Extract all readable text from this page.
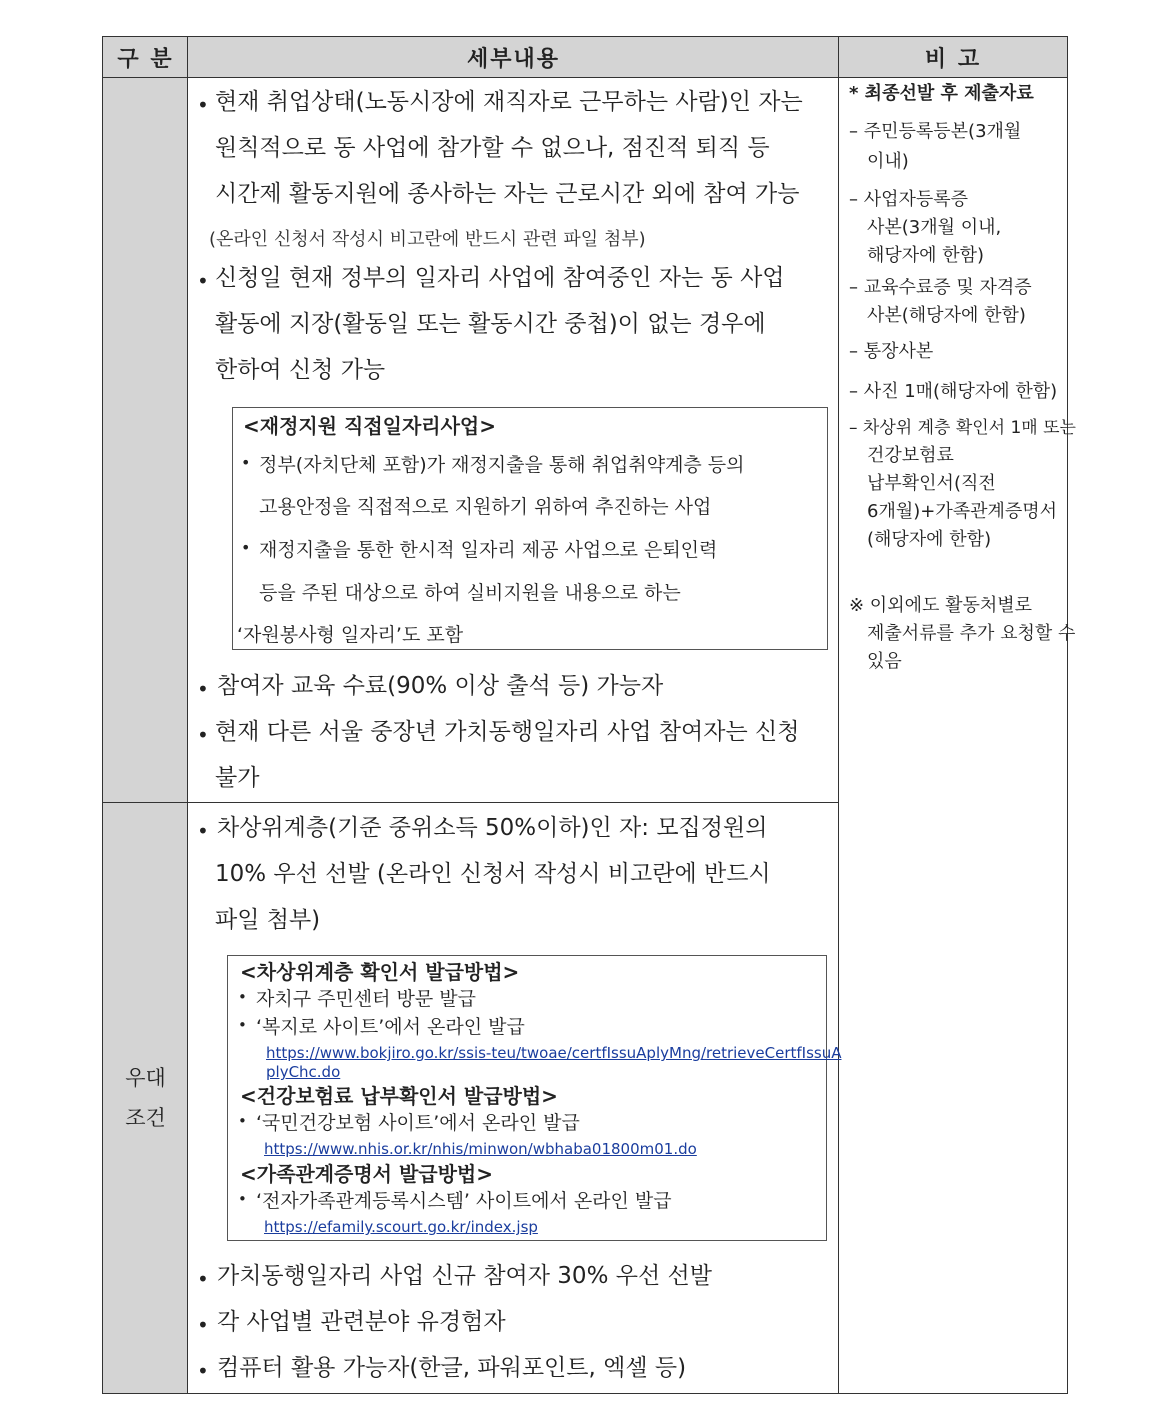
구 분	세부내용	비 고
우대
조건
• 현재 취업상태(노동시장에 재직자로 근무하는 사람)인 자는
원칙적으로 동 사업에 참가할 수 없으나, 점진적 퇴직 등
시간제 활동지원에 종사하는 자는 근로시간 외에 참여 가능
(온라인 신청서 작성시 비고란에 반드시 관련 파일 첨부)
• 신청일 현재 정부의 일자리 사업에 참여중인 자는 동 사업
활동에 지장(활동일 또는 활동시간 중첩)이 없는 경우에
한하여 신청 가능
<재정지원 직접일자리사업>
• 정부(자치단체 포함)가 재정지출을 통해 취업취약계층 등의
고용안정을 직접적으로 지원하기 위하여 추진하는 사업
• 재정지출을 통한 한시적 일자리 제공 사업으로 은퇴인력
등을 주된 대상으로 하여 실비지원을 내용으로 하는
‘자원봉사형 일자리’도 포함
• 참여자 교육 수료(90% 이상 출석 등) 가능자
• 현재 다른 서울 중장년 가치동행일자리 사업 참여자는 신청
불가
• 차상위계층(기준 중위소득 50%이하)인 자: 모집정원의
10% 우선 선발 (온라인 신청서 작성시 비고란에 반드시
파일 첨부)
<차상위계층 확인서 발급방법>
• 자치구 주민센터 방문 발급
• ‘복지로 사이트’에서 온라인 발급
https://www.bokjiro.go.kr/ssis-teu/twoae/certfIssuAplyMng/retrieveCertfIssuA
plyChc.do
<건강보험료 납부확인서 발급방법>
• ‘국민건강보험 사이트’에서 온라인 발급
https://www.nhis.or.kr/nhis/minwon/wbhaba01800m01.do
<가족관계증명서 발급방법>
• ‘전자가족관계등록시스템’ 사이트에서 온라인 발급
https://efamily.scourt.go.kr/index.jsp
• 가치동행일자리 사업 신규 참여자 30% 우선 선발
• 각 사업별 관련분야 유경험자
• 컴퓨터 활용 가능자(한글, 파워포인트, 엑셀 등)
* 최종선발 후 제출자료
– 주민등록등본(3개월
이내)
– 사업자등록증
사본(3개월 이내,
해당자에 한함)
– 교육수료증 및 자격증
사본(해당자에 한함)
– 통장사본
– 사진 1매(해당자에 한함)
– 차상위 계층 확인서 1매 또는
건강보험료
납부확인서(직전
6개월)+가족관계증명서
(해당자에 한함)
※ 이외에도 활동처별로
제출서류를 추가 요청할 수
있음
